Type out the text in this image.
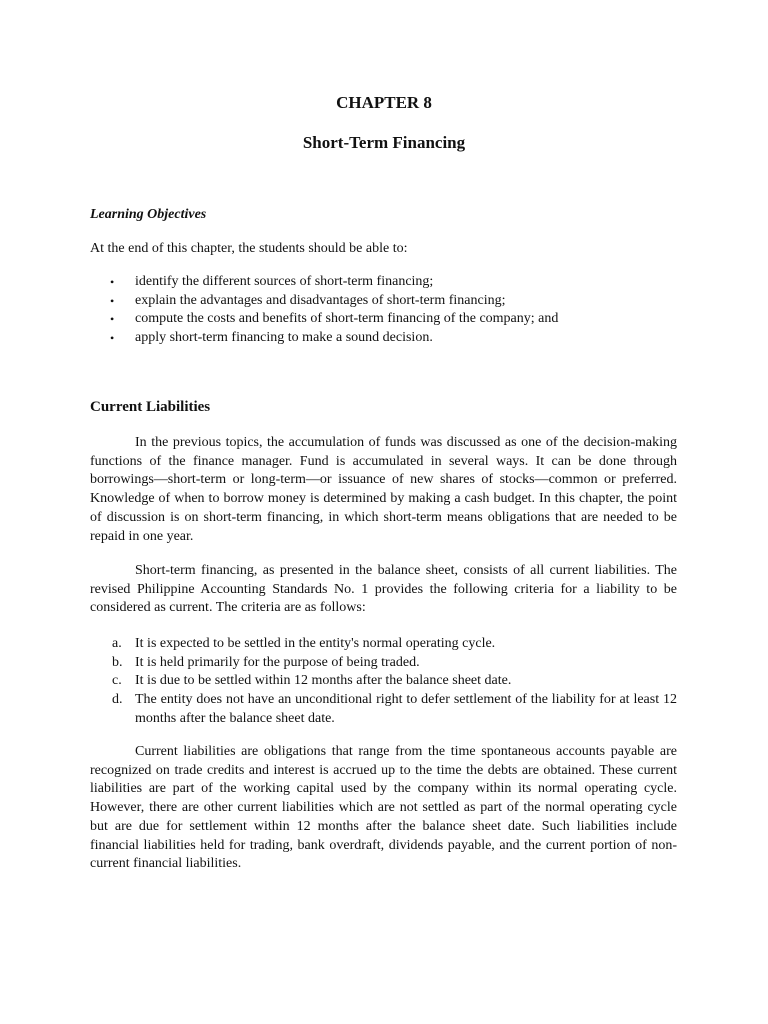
CHAPTER 8
Short-Term Financing
Learning Objectives
At the end of this chapter, the students should be able to:
• identify the different sources of short-term financing;
• explain the advantages and disadvantages of short-term financing;
• compute the costs and benefits of short-term financing of the company; and
• apply short-term financing to make a sound decision.
Current Liabilities
In the previous topics, the accumulation of funds was discussed as one of the decision-making functions of the finance manager. Fund is accumulated in several ways. It can be done through borrowings—short-term or long-term—or issuance of new shares of stocks—common or preferred. Knowledge of when to borrow money is determined by making a cash budget. In this chapter, the point of discussion is on short-term financing, in which short-term means obligations that are needed to be repaid in one year.
Short-term financing, as presented in the balance sheet, consists of all current liabilities. The revised Philippine Accounting Standards No. 1 provides the following criteria for a liability to be considered as current. The criteria are as follows:
a. It is expected to be settled in the entity's normal operating cycle.
b. It is held primarily for the purpose of being traded.
c. It is due to be settled within 12 months after the balance sheet date.
d. The entity does not have an unconditional right to defer settlement of the liability for at least 12 months after the balance sheet date.
Current liabilities are obligations that range from the time spontaneous accounts payable are recognized on trade credits and interest is accrued up to the time the debts are obtained. These current liabilities are part of the working capital used by the company within its normal operating cycle. However, there are other current liabilities which are not settled as part of the normal operating cycle but are due for settlement within 12 months after the balance sheet date. Such liabilities include financial liabilities held for trading, bank overdraft, dividends payable, and the current portion of non-current financial liabilities.
